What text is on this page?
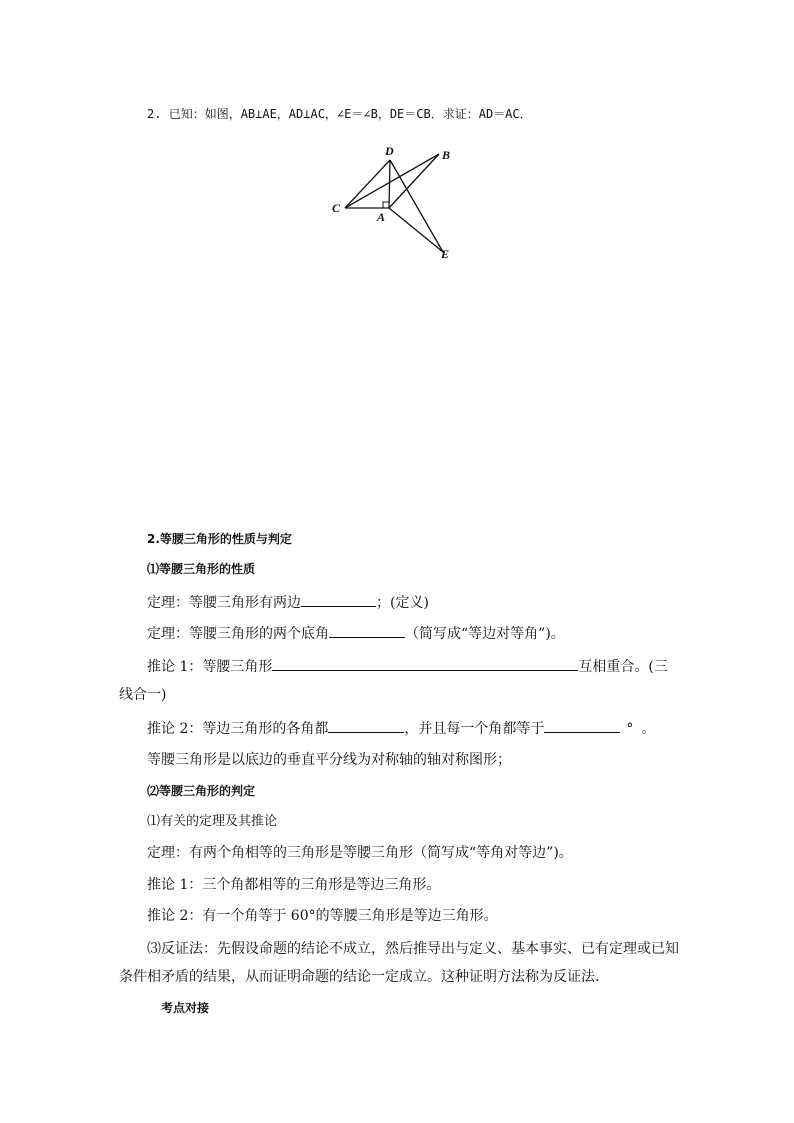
2. 已知：如图，AB⊥AE，AD⊥AC，∠E＝∠B，DE＝CB．求证：AD＝AC．
D	B
C
A
E
2.等腰三角形的性质与判定
⑴等腰三角形的性质
定理：等腰三角形有两边	；(定义)
定理：等腰三角形的两个底角	（简写成“等边对等角”)。
推论 1：等腰三角形	互相重合。(三
线合一)
推论 2：等边三角形的各角都	，并且每一个角都等于	° 。
等腰三角形是以底边的垂直平分线为对称轴的轴对称图形；
⑵等腰三角形的判定
⑴有关的定理及其推论
定理：有两个角相等的三角形是等腰三角形（简写成“等角对等边”)。
推论 1：三个角都相等的三角形是等边三角形。
推论 2：有一个角等于 60°的等腰三角形是等边三角形。
⑶反证法：先假设命题的结论不成立，然后推导出与定义、基本事实、已有定理或已知
条件相矛盾的结果，从而证明命题的结论一定成立。这种证明方法称为反证法.
考点对接
